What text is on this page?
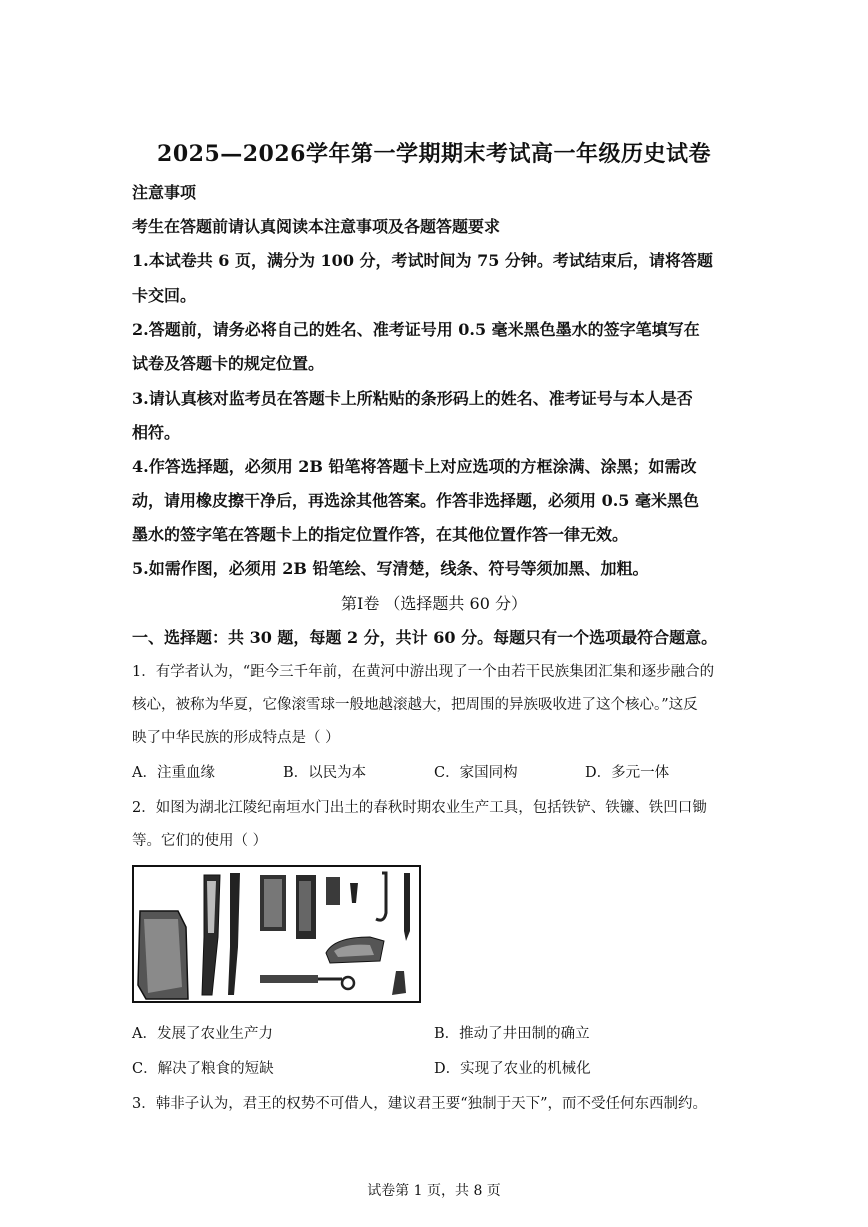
2025—2026学年第一学期期末考试高一年级历史试卷
注意事项
考生在答题前请认真阅读本注意事项及各题答题要求
1.本试卷共 6 页，满分为 100 分，考试时间为 75 分钟。考试结束后，请将答题
卡交回。
2.答题前，请务必将自己的姓名、准考证号用 0.5 毫米黑色墨水的签字笔填写在
试卷及答题卡的规定位置。
3.请认真核对监考员在答题卡上所粘贴的条形码上的姓名、准考证号与本人是否
相符。
4.作答选择题，必须用 2B 铅笔将答题卡上对应选项的方框涂满、涂黑；如需改
动，请用橡皮擦干净后，再选涂其他答案。作答非选择题，必须用 0.5 毫米黑色
墨水的签字笔在答题卡上的指定位置作答，在其他位置作答一律无效。
5.如需作图，必须用 2B 铅笔绘、写清楚，线条、符号等须加黑、加粗。
第Ⅰ卷 （选择题共 60 分）
一、选择题：共 30 题，每题 2 分，共计 60 分。每题只有一个选项最符合题意。
1．有学者认为，“距今三千年前，在黄河中游出现了一个由若干民族集团汇集和逐步融合的
核心，被称为华夏，它像滚雪球一般地越滚越大，把周围的异族吸收进了这个核心。”这反
映了中华民族的形成特点是（ ）
A．注重血缘	B．以民为本	C．家国同构	D．多元一体
2．如图为湖北江陵纪南垣水门出土的春秋时期农业生产工具，包括铁铲、铁镰、铁凹口锄
等。它们的使用（ ）
A．发展了农业生产力	B．推动了井田制的确立
C．解决了粮食的短缺	D．实现了农业的机械化
3．韩非子认为，君王的权势不可借人，建议君王要“独制于天下”，而不受任何东西制约。
试卷第 1 页，共 8 页
